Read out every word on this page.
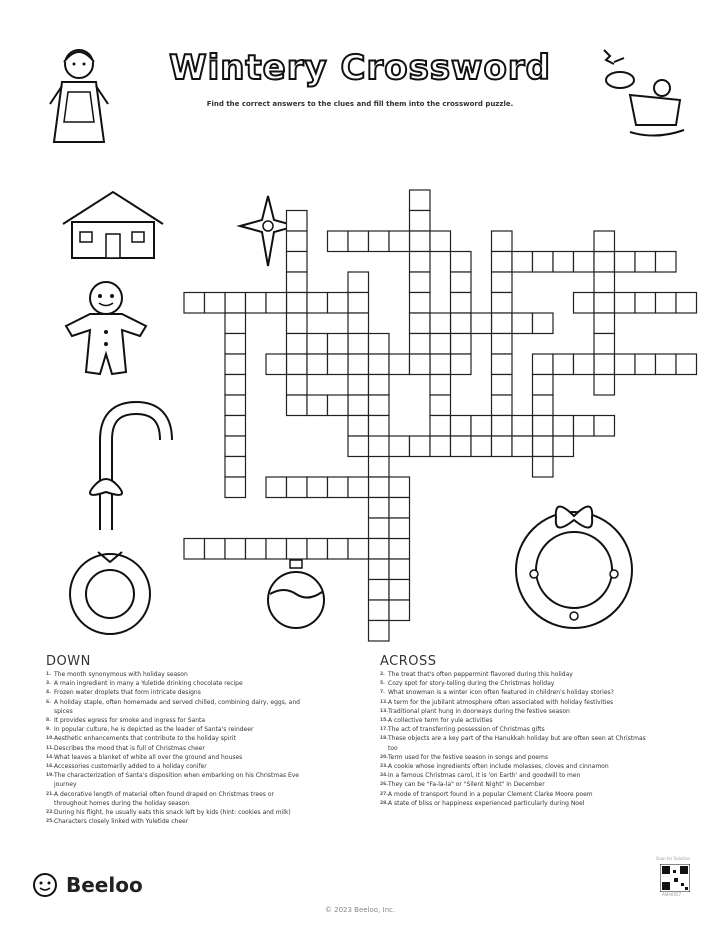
Wintery Crossword
Find the correct answers to the clues and fill them into the crossword puzzle.
DOWN
1. The month synonymous with holiday season
3. A main ingredient in many a Yuletide drinking chocolate recipe
4. Frozen water droplets that form intricate designs
6. A holiday staple, often homemade and served chilled, combining dairy, eggs, and spices
8. It provides egress for smoke and ingress for Santa
9. In popular culture, he is depicted as the leader of Santa's reindeer
10. Aesthetic enhancements that contribute to the holiday spirit
11. Describes the mood that is full of Christmas cheer
14. What leaves a blanket of white all over the ground and houses
16. Accessories customarily added to a holiday conifer
19. The characterization of Santa's disposition when embarking on his Christmas Eve journey
21. A decorative length of material often found draped on Christmas trees or throughout homes during the holiday season
22. During his flight, he usually eats this snack left by kids (hint: cookies and milk)
25. Characters closely linked with Yuletide cheer
ACROSS
2. The treat that's often peppermint flavored during this holiday
5. Cozy spot for story-telling during the Christmas holiday
7. What snowman is a winter icon often featured in children's holiday stories?
12. A term for the jubilant atmosphere often associated with holiday festivities
13. Traditional plant hung in doorways during the festive season
15. A collective term for yule activities
17. The act of transferring possession of Christmas gifts
18. These objects are a key part of the Hanukkah holiday but are often seen at Christmas too
20. Term used for the festive season in songs and poems
23. A cookie whose ingredients often include molasses, cloves and cinnamon
24. In a famous Christmas carol, it is 'on Earth' and goodwill to men
26. They can be "Fa-la-la" or "Silent Night" in December
27. A mode of transport found in a popular Clement Clarke Moore poem
28. A state of bliss or happiness experienced particularly during Noel
Beeloo
© 2023 Beeloo, Inc.
Scan for Solution
AMA0057
